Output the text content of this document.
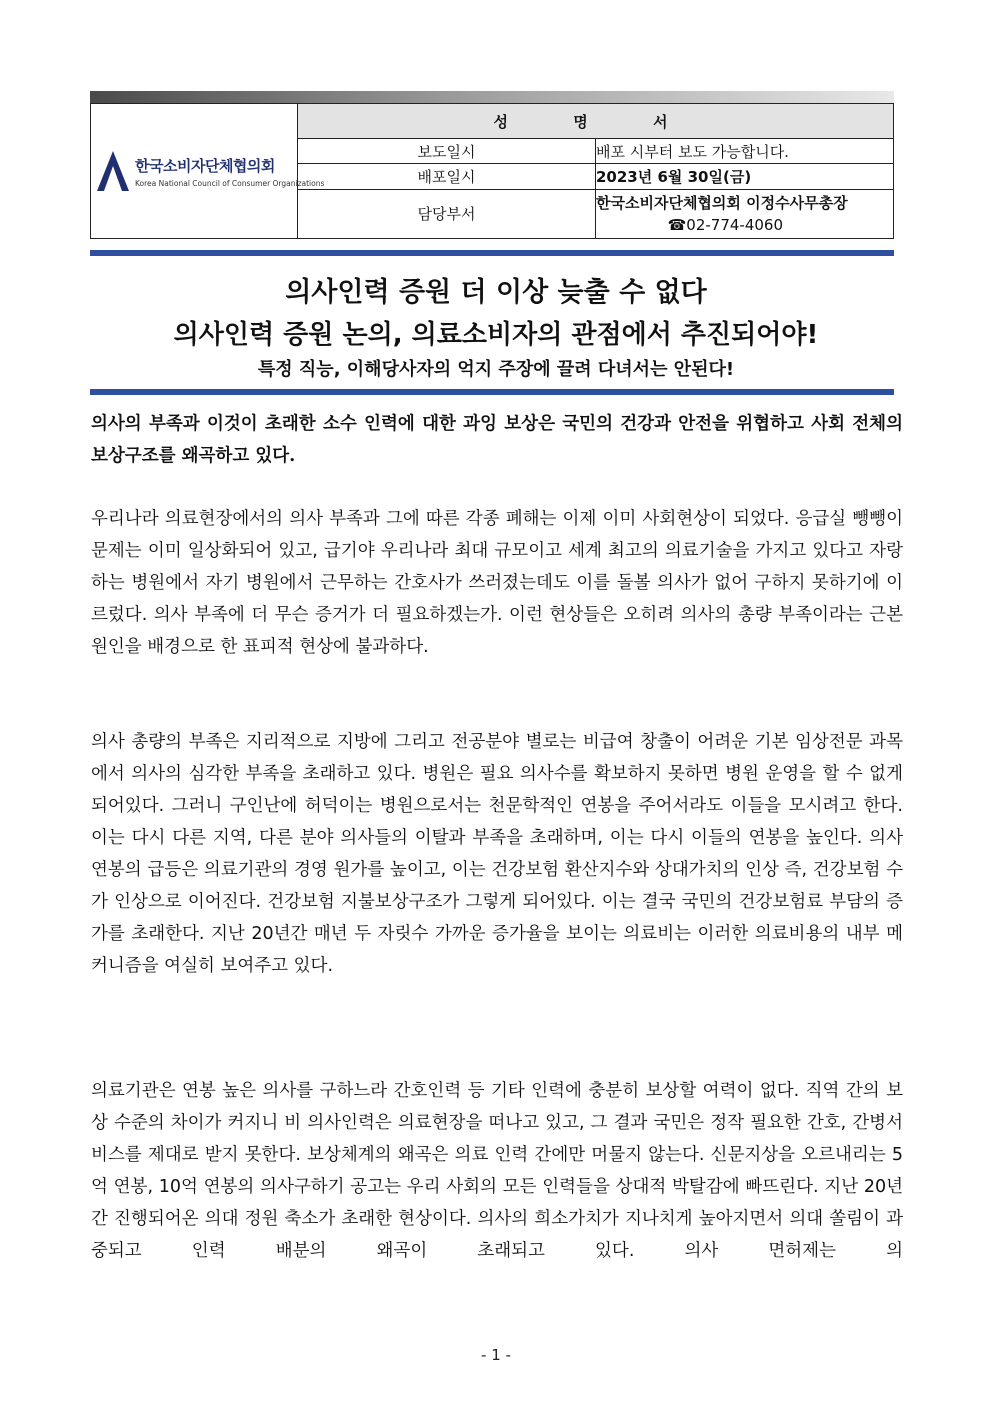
한국소비자단체협의회
Korea National Council of Consumer Organizations	성 명 서	
	보도일시	배포 시부터 보도 가능합니다.
	배포일시	2023년 6월 30일(금)
	담당부서	한국소비자단체협의회 이정수사무총장
☎02-774-4060
의사인력 증원 더 이상 늦출 수 없다
의사인력 증원 논의, 의료소비자의 관점에서 추진되어야!
특정 직능, 이해당사자의 억지 주장에 끌려 다녀서는 안된다!
의사의 부족과 이것이 초래한 소수 인력에 대한 과잉 보상은 국민의 건강과 안전을 위협하고 사회 전체의 보상구조를 왜곡하고 있다.
우리나라 의료현장에서의 의사 부족과 그에 따른 각종 폐해는 이제 이미 사회현상이 되었다. 응급실 뺑뺑이 문제는 이미 일상화되어 있고, 급기야 우리나라 최대 규모이고 세계 최고의 의료기술을 가지고 있다고 자랑하는 병원에서 자기 병원에서 근무하는 간호사가 쓰러졌는데도 이를 돌볼 의사가 없어 구하지 못하기에 이르렀다. 의사 부족에 더 무슨 증거가 더 필요하겠는가. 이런 현상들은 오히려 의사의 총량 부족이라는 근본원인을 배경으로 한 표피적 현상에 불과하다.
의사 총량의 부족은 지리적으로 지방에 그리고 전공분야 별로는 비급여 창출이 어려운 기본 임상전문 과목에서 의사의 심각한 부족을 초래하고 있다. 병원은 필요 의사수를 확보하지 못하면 병원 운영을 할 수 없게 되어있다. 그러니 구인난에 허덕이는 병원으로서는 천문학적인 연봉을 주어서라도 이들을 모시려고 한다. 이는 다시 다른 지역, 다른 분야 의사들의 이탈과 부족을 초래하며, 이는 다시 이들의 연봉을 높인다. 의사 연봉의 급등은 의료기관의 경영 원가를 높이고, 이는 건강보험 환산지수와 상대가치의 인상 즉, 건강보험 수가 인상으로 이어진다. 건강보험 지불보상구조가 그렇게 되어있다. 이는 결국 국민의 건강보험료 부담의 증가를 초래한다. 지난 20년간 매년 두 자릿수 가까운 증가율을 보이는 의료비는 이러한 의료비용의 내부 메커니즘을 여실히 보여주고 있다.
의료기관은 연봉 높은 의사를 구하느라 간호인력 등 기타 인력에 충분히 보상할 여력이 없다. 직역 간의 보상 수준의 차이가 커지니 비 의사인력은 의료현장을 떠나고 있고, 그 결과 국민은 정작 필요한 간호, 간병서비스를 제대로 받지 못한다. 보상체계의 왜곡은 의료 인력 간에만 머물지 않는다. 신문지상을 오르내리는 5억 연봉, 10억 연봉의 의사구하기 공고는 우리 사회의 모든 인력들을 상대적 박탈감에 빠뜨린다. 지난 20년간 진행되어온 의대 정원 축소가 초래한 현상이다. 의사의 희소가치가 지나치게 높아지면서 의대 쏠림이 과중되고 인력 배분의 왜곡이 초래되고 있다. 의사 면허제는 의
- 1 -
